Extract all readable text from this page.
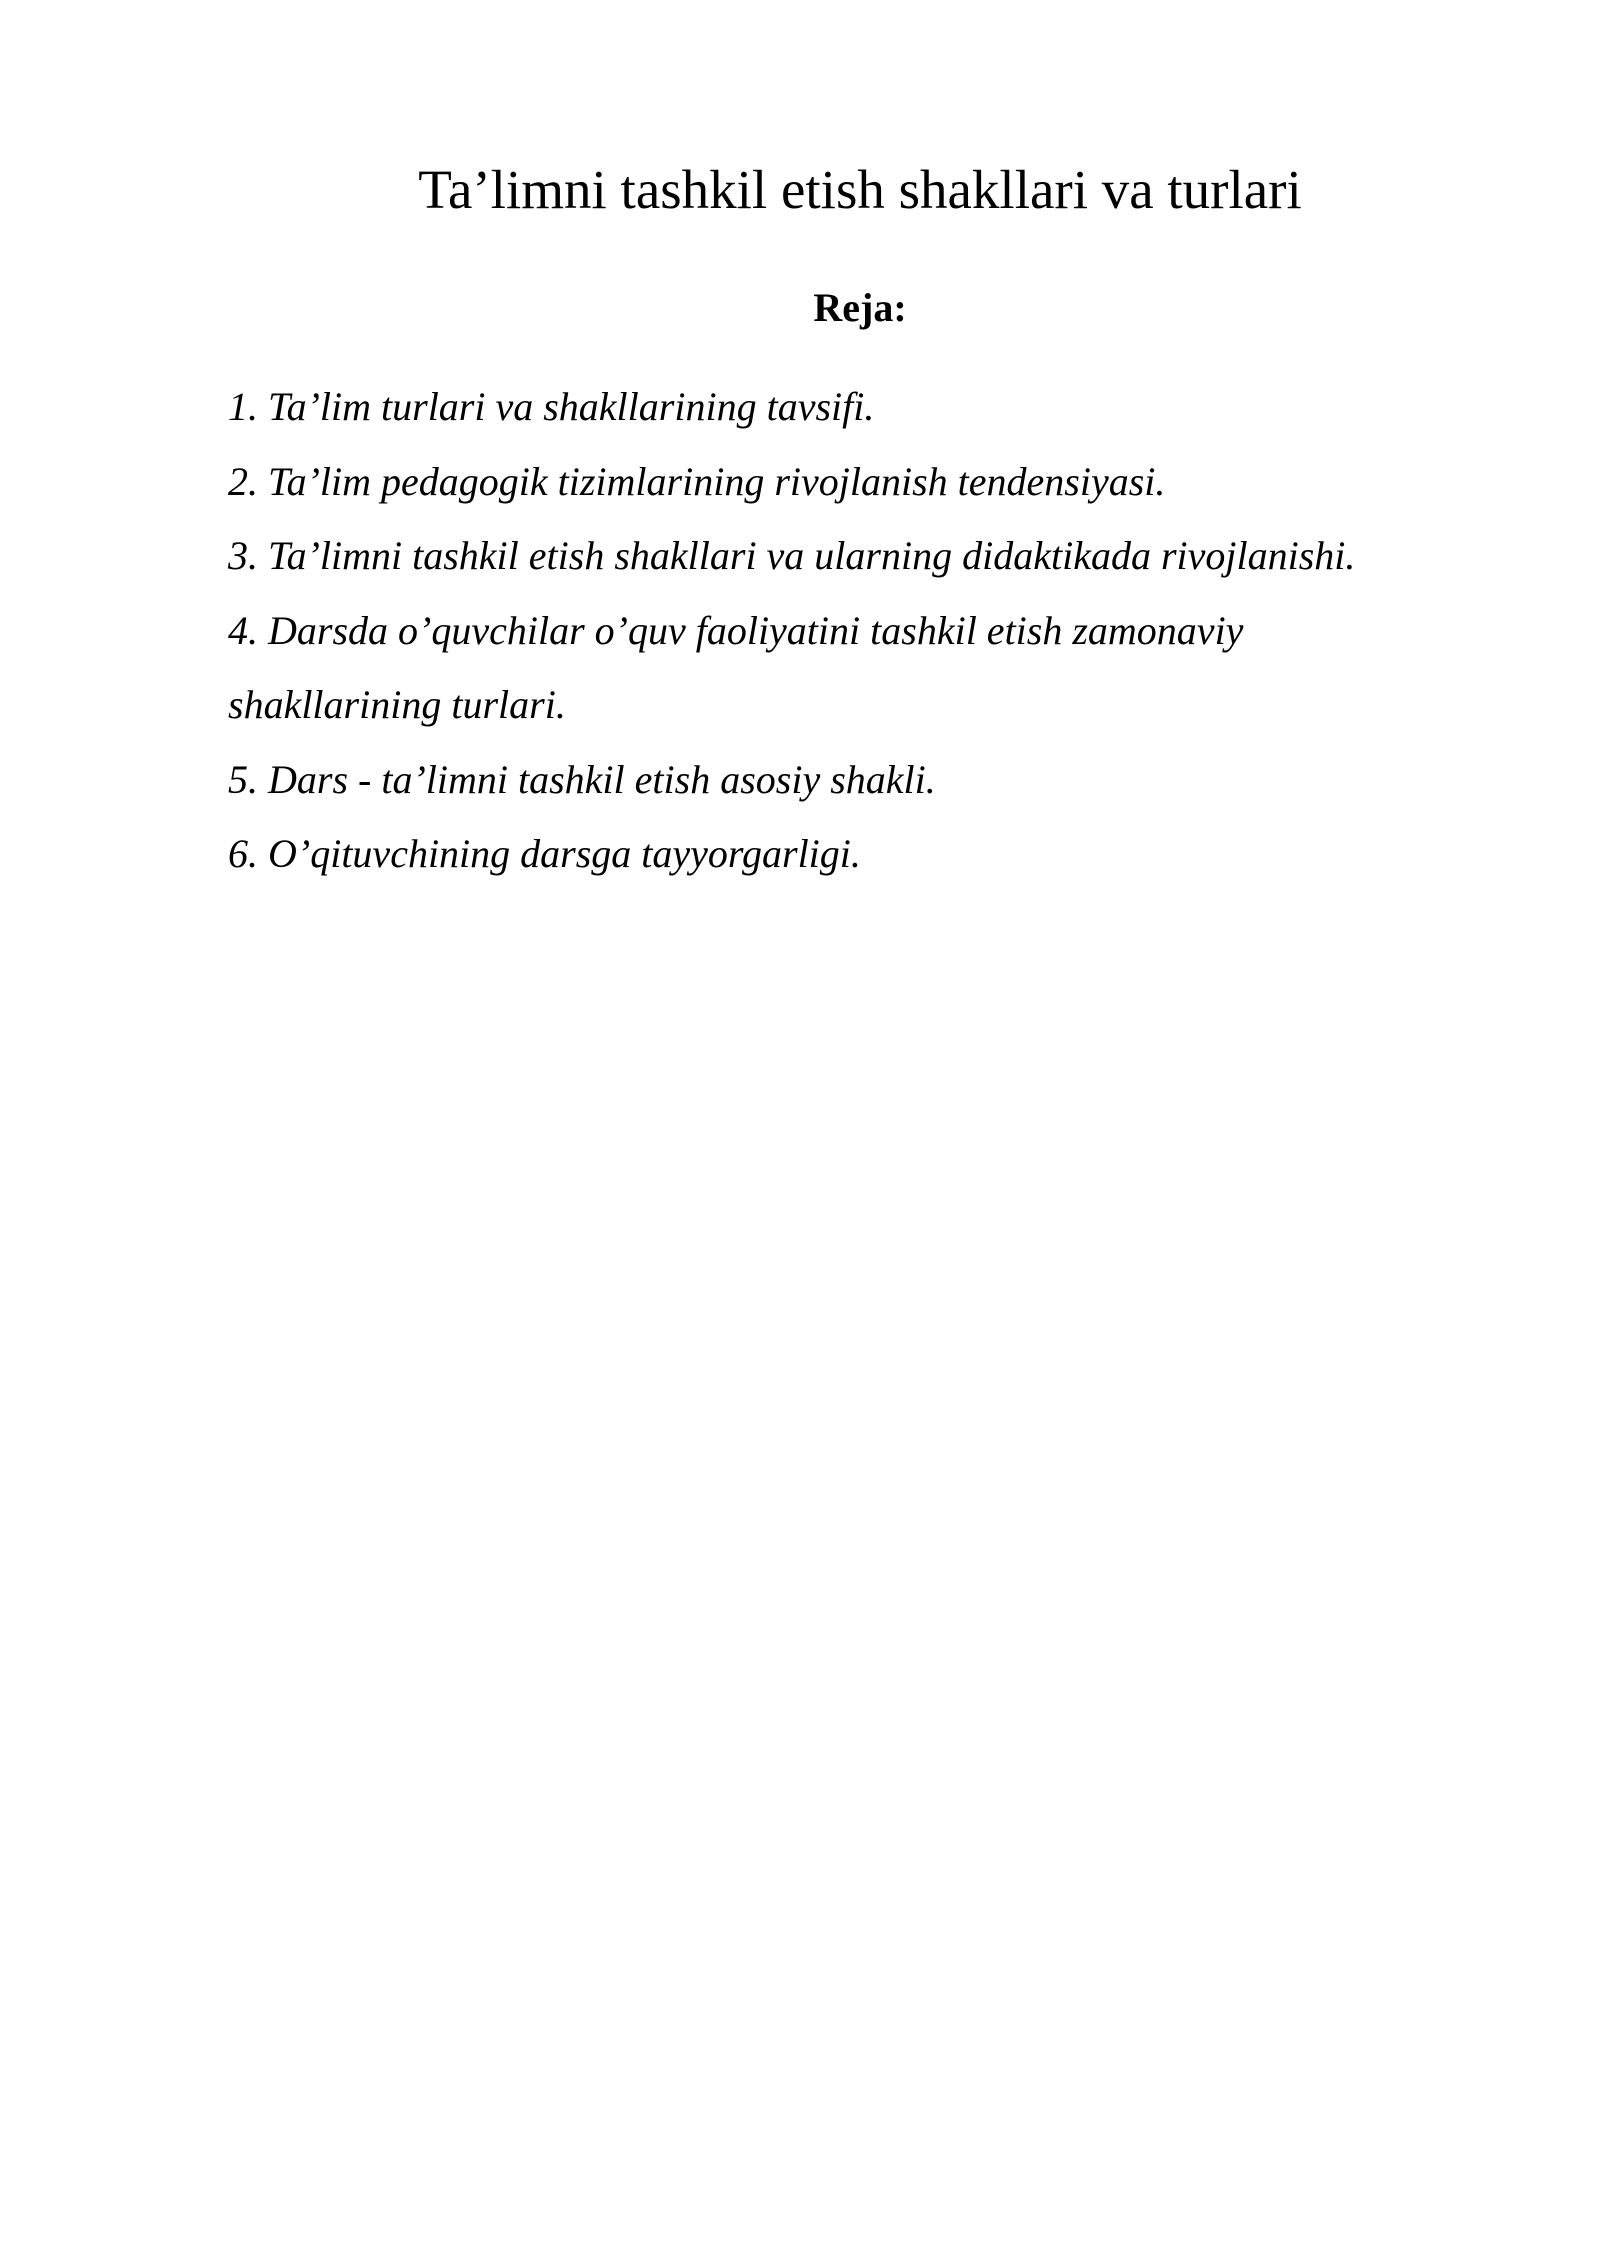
Ta’limni tashkil etish shakllari va turlari
Reja:
1. Ta’lim turlari va shakllarining tavsifi.
2. Ta’lim pedagogik tizimlarining rivojlanish tendensiyasi.
3. Ta’limni tashkil etish shakllari va ularning didaktikada rivojlanishi.
4. Darsda o’quvchilar o’quv faoliyatini tashkil etish zamonaviy
shakllarining turlari.
5. Dars - ta’limni tashkil etish asosiy shakli.
6. O’qituvchining darsga tayyorgarligi.
